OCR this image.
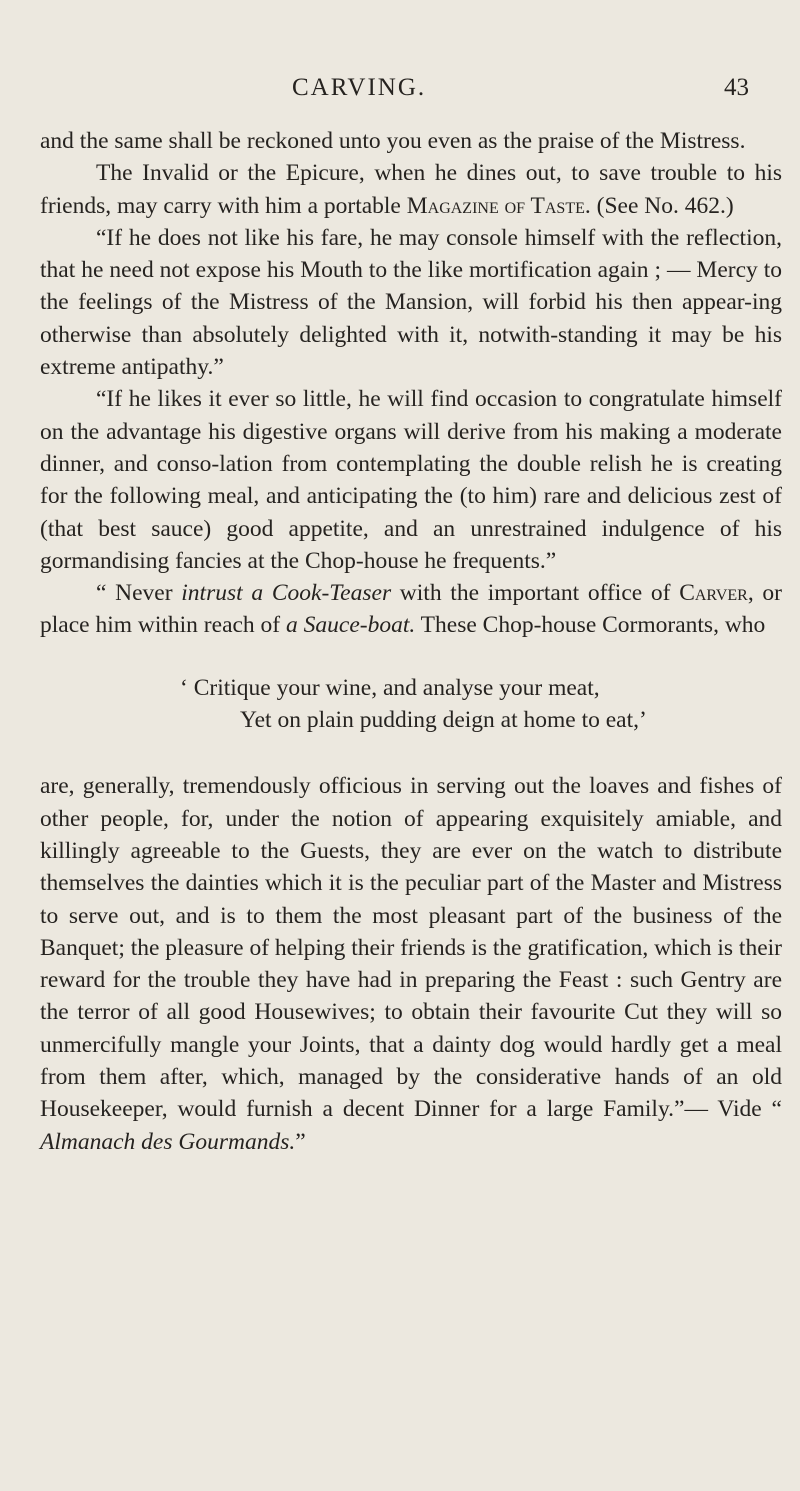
CARVING.	43

and the same shall be reckoned unto you even as the praise of the Mistress.

The Invalid or the Epicure, when he dines out, to save trouble to his friends, may carry with him a portable Magazine of Taste. (See No. 462.)

“If he does not like his fare, he may console himself with the reflection, that he need not expose his Mouth to the like mortification again ; — Mercy to the feelings of the Mistress of the Mansion, will forbid his then appear-ing otherwise than absolutely delighted with it, notwith-standing it may be his extreme antipathy.”

“If he likes it ever so little, he will find occasion to congratulate himself on the advantage his digestive organs will derive from his making a moderate dinner, and conso-lation from contemplating the double relish he is creating for the following meal, and anticipating the (to him) rare and delicious zest of (that best sauce) good appetite, and an unrestrained indulgence of his gormandising fancies at the Chop-house he frequents.”

“ Never intrust a Cook-Teaser with the important office of Carver, or place him within reach of a Sauce-boat. These Chop-house Cormorants, who

‘ Critique your wine, and analyse your meat,
Yet on plain pudding deign at home to eat,’

are, generally, tremendously officious in serving out the loaves and fishes of other people, for, under the notion of appearing exquisitely amiable, and killingly agreeable to the Guests, they are ever on the watch to distribute themselves the dainties which it is the peculiar part of the Master and Mistress to serve out, and is to them the most pleasant part of the business of the Banquet; the pleasure of helping their friends is the gratification, which is their reward for the trouble they have had in preparing the Feast : such Gentry are the terror of all good Housewives; to obtain their favourite Cut they will so unmercifully mangle your Joints, that a dainty dog would hardly get a meal from them after, which, managed by the considerative hands of an old Housekeeper, would furnish a decent Dinner for a large Family.”— Vide “ Almanach des Gourmands.”
